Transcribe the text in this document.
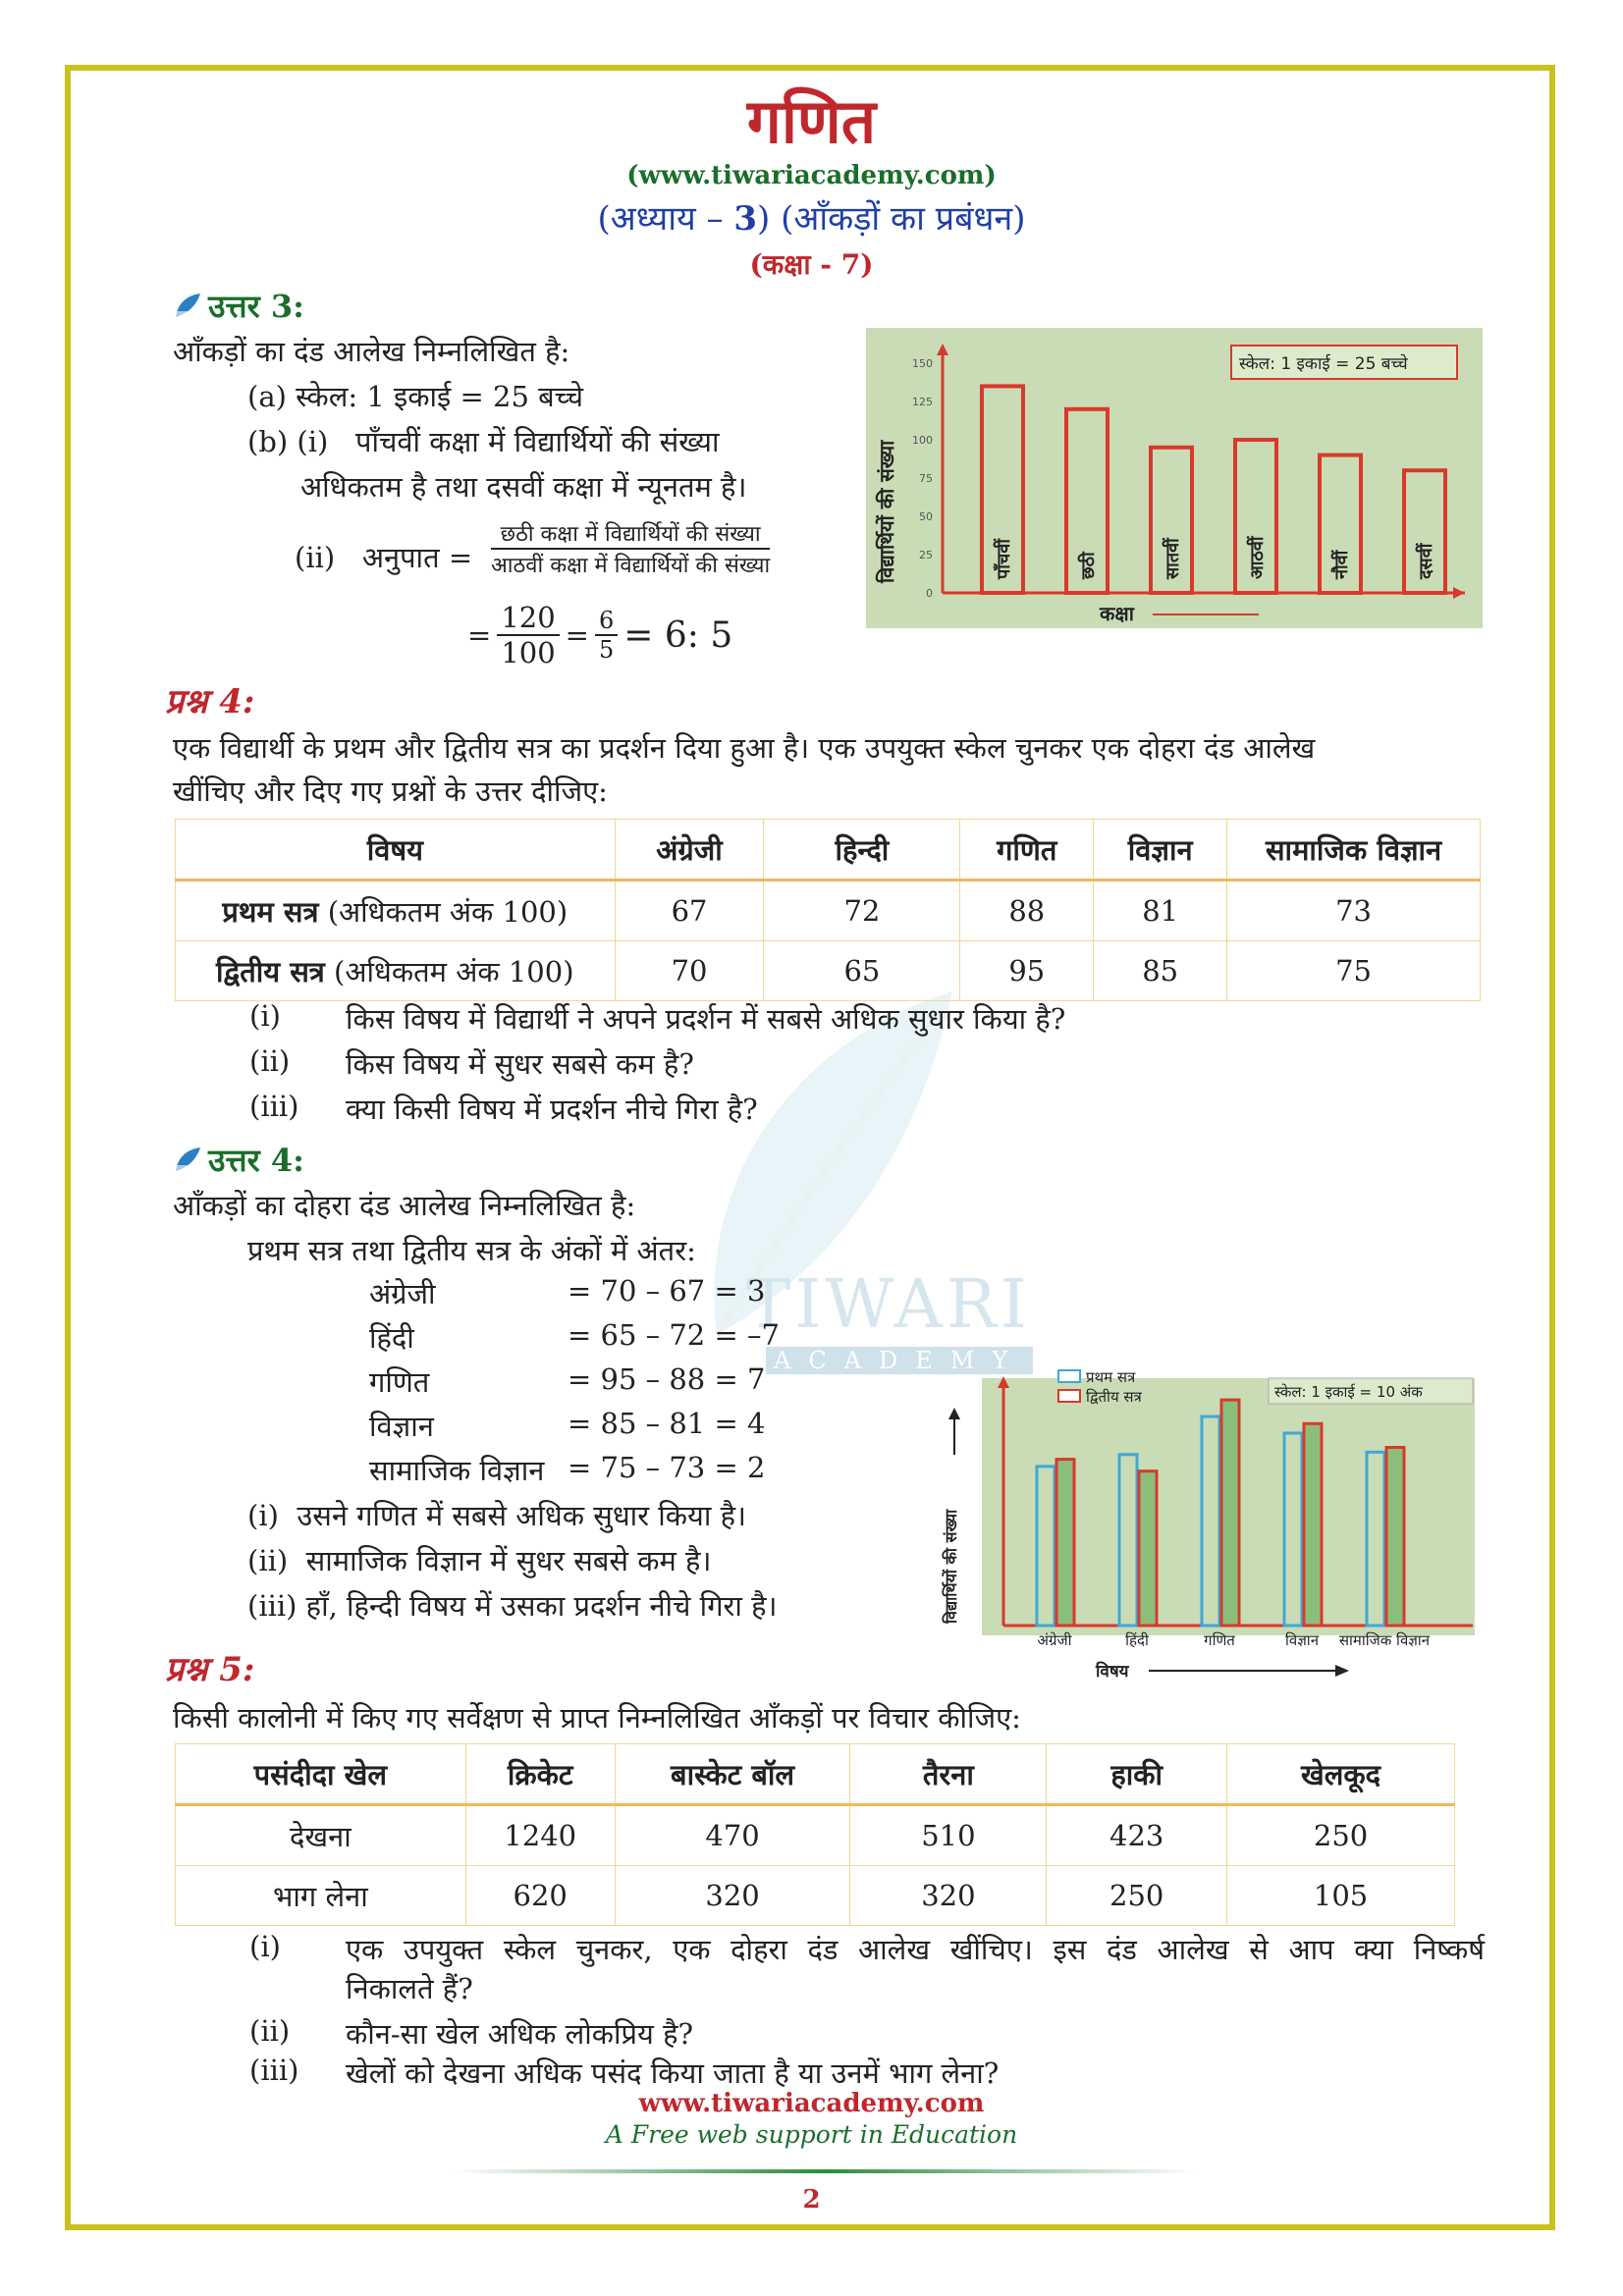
TIWARI
ACADEMY
गणित
(www.tiwariacademy.com)
(अध्याय – 3) (आँकड़ों का प्रबंधन)
(कक्षा - 7)
उत्तर 3:
आँकड़ों का दंड आलेख निम्नलिखित है:
(a) स्केल: 1 इकाई = 25 बच्चे
(b) (i)   पाँचवीं कक्षा में विद्यार्थियों की संख्या
अधिकतम है तथा दसवीं कक्षा में न्यूनतम है।
(ii)   अनुपात =
छठी कक्षा में विद्यार्थियों की संख्या
आठवीं कक्षा में विद्यार्थियों की संख्या
= $\frac{120}{100} = \frac{6}{5} = 6$: 5
0
25
50
75
100
125
150
विद्यार्थियों की संख्या
कक्षा
स्केल: 1 इकाई = 25 बच्चे
पाँचवीं	छठी	सातवीं	आठवीं	नौवीं	दसवीं
प्रश्न 4:
एक विद्यार्थी के प्रथम और द्वितीय सत्र का प्रदर्शन दिया हुआ है। एक उपयुक्त स्केल चुनकर एक दोहरा दंड आलेख
खींचिए और दिए गए प्रश्नों के उत्तर दीजिए:
विषय	अंग्रेजी	हिन्दी	गणित	विज्ञान	सामाजिक विज्ञान
प्रथम सत्र (अधिकतम अंक 100)	67	72	88	81	73
द्वितीय सत्र (अधिकतम अंक 100)	70	65	95	85	75
(i) किस विषय में विद्यार्थी ने अपने प्रदर्शन में सबसे अधिक सुधार किया है?
(ii) किस विषय में सुधर सबसे कम है?
(iii) क्या किसी विषय में प्रदर्शन नीचे गिरा है?
उत्तर 4:
आँकड़ों का दोहरा दंड आलेख निम्नलिखित है:
प्रथम सत्र तथा द्वितीय सत्र के अंकों में अंतर:
अंग्रेजी	= 70 – 67 = 3
हिंदी	= 65 – 72 = –7
गणित	= 95 – 88 = 7
विज्ञान	= 85 – 81 = 4
सामाजिक विज्ञान = 75 – 73 = 2
(i)  उसने गणित में सबसे अधिक सुधार किया है।
(ii)  सामाजिक विज्ञान में सुधर सबसे कम है।
(iii) हाँ, हिन्दी विषय में उसका प्रदर्शन नीचे गिरा है।	विद्यार्थियों की संख्या
अंग्रेजी	हिंदी	गणित	विज्ञान सामाजिक विज्ञान
विषय
प्रथम सत्र
द्वितीय सत्र	स्केल: 1 इकाई = 10 अंक
प्रश्न 5:
किसी कालोनी में किए गए सर्वेक्षण से प्राप्त निम्नलिखित आँकड़ों पर विचार कीजिए:
पसंदीदा खेल	क्रिकेट	बास्केट बॉल	तैरना	हाकी	खेलकूद
देखना	1240	470	510	423	250
भाग लेना	620	320	320	250	105
(i) एक उपयुक्त स्केल चुनकर, एक दोहरा दंड आलेख खींचिए। इस दंड आलेख से आप क्या निष्कर्ष
निकालते हैं?
(ii) कौन-सा खेल अधिक लोकप्रिय है?
(iii) खेलों को देखना अधिक पसंद किया जाता है या उनमें भाग लेना?
www.tiwariacademy.com
A Free web support in Education
2
